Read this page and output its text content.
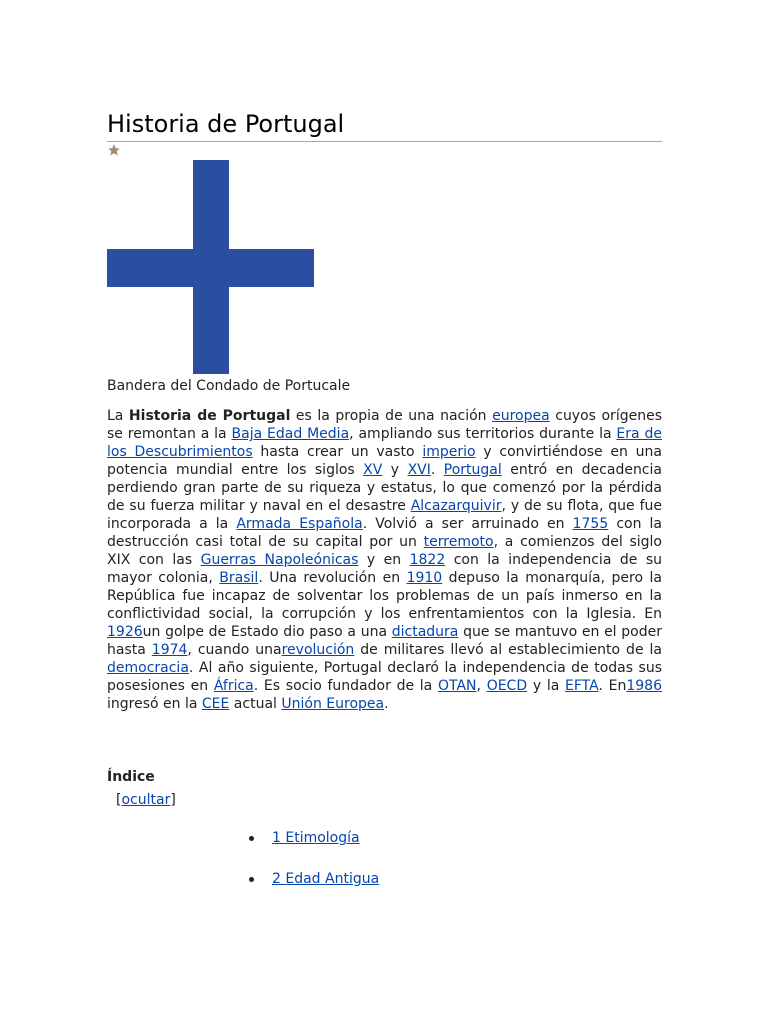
Historia de Portugal
Bandera del Condado de Portucale

La Historia de Portugal es la propia de una nación europea cuyos orígenes se remontan a la Baja Edad Media, ampliando sus territorios durante la Era de los Descubrimientos hasta crear un vasto imperio y convirtiéndose en una potencia mundial entre los siglos XV y XVI. Portugal entró en decadencia perdiendo gran parte de su riqueza y estatus, lo que comenzó por la pérdida de su fuerza militar y naval en el desastre Alcazarquivir, y de su flota, que fue incorporada a la Armada Española. Volvió a ser arruinado en 1755 con la destrucción casi total de su capital por un terremoto, a comienzos del siglo XIX con las Guerras Napoleónicas y en 1822 con la independencia de su mayor colonia, Brasil. Una revolución en 1910 depuso la monarquía, pero la República fue incapaz de solventar los problemas de un país inmerso en la conflictividad social, la corrupción y los enfrentamientos con la Iglesia. En 1926un golpe de Estado dio paso a una dictadura que se mantuvo en el poder hasta 1974, cuando unarevolución de militares llevó al establecimiento de la democracia. Al año siguiente, Portugal declaró la independencia de todas sus posesiones en África. Es socio fundador de la OTAN, OECD y la EFTA. En1986 ingresó en la CEE actual Unión Europea.

Índice
[ocultar]
1 Etimología
2 Edad Antigua
